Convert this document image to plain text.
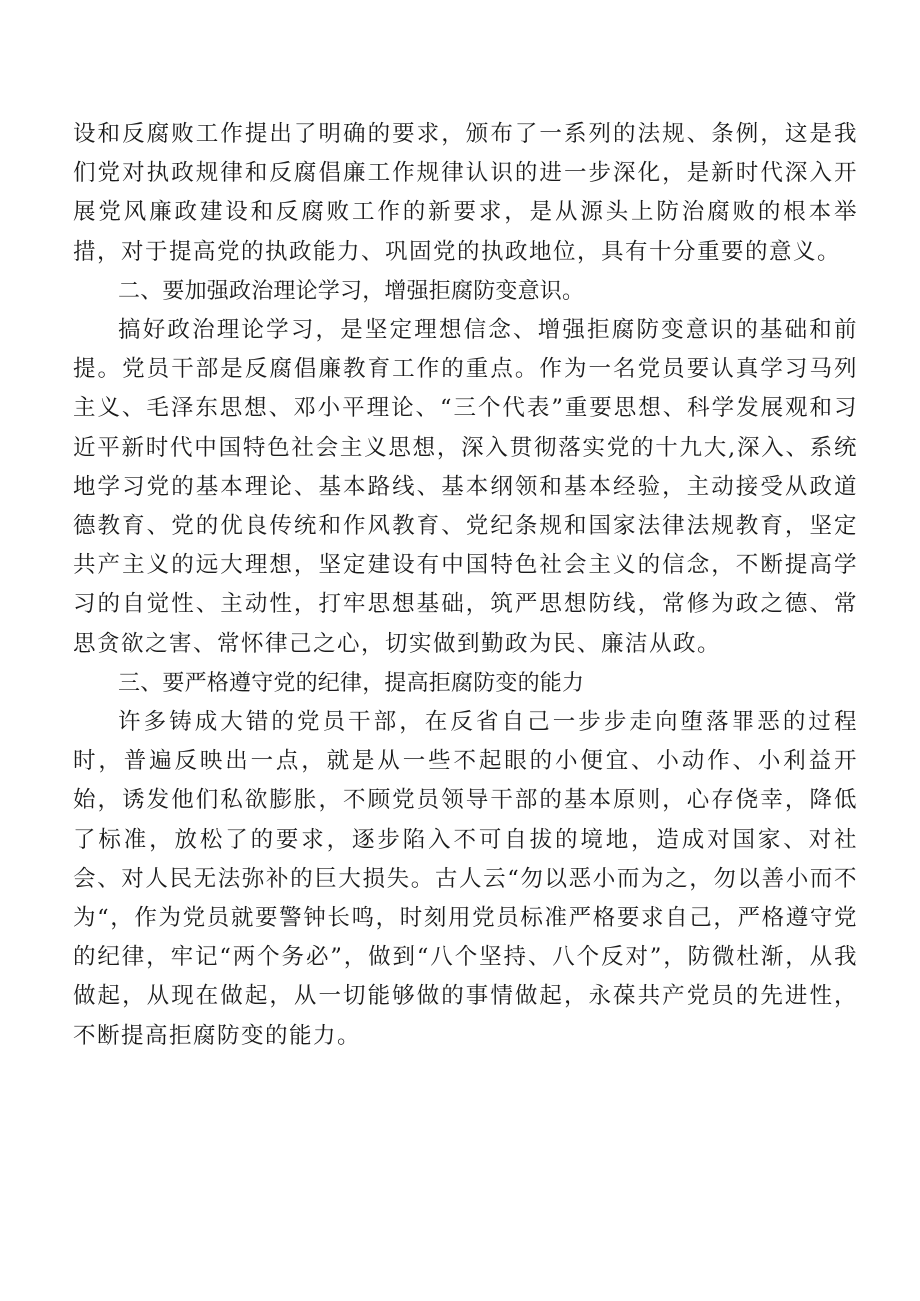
设和反腐败工作提出了明确的要求，颁布了一系列的法规、条例，这是我们党对执政规律和反腐倡廉工作规律认识的进一步深化，是新时代深入开展党风廉政建设和反腐败工作的新要求，是从源头上防治腐败的根本举措，对于提高党的执政能力、巩固党的执政地位，具有十分重要的意义。

二、要加强政治理论学习，增强拒腐防变意识。

搞好政治理论学习，是坚定理想信念、增强拒腐防变意识的基础和前提。党员干部是反腐倡廉教育工作的重点。作为一名党员要认真学习马列主义、毛泽东思想、邓小平理论、“三个代表”重要思想、科学发展观和习近平新时代中国特色社会主义思想，深入贯彻落实党的十九大,深入、系统地学习党的基本理论、基本路线、基本纲领和基本经验，主动接受从政道德教育、党的优良传统和作风教育、党纪条规和国家法律法规教育，坚定共产主义的远大理想，坚定建设有中国特色社会主义的信念，不断提高学习的自觉性、主动性，打牢思想基础，筑严思想防线，常修为政之德、常思贪欲之害、常怀律己之心，切实做到勤政为民、廉洁从政。

三、要严格遵守党的纪律，提高拒腐防变的能力

许多铸成大错的党员干部，在反省自己一步步走向堕落罪恶的过程时，普遍反映出一点，就是从一些不起眼的小便宜、小动作、小利益开始，诱发他们私欲膨胀，不顾党员领导干部的基本原则，心存侥幸，降低了标准，放松了的要求，逐步陷入不可自拔的境地，造成对国家、对社会、对人民无法弥补的巨大损失。古人云“勿以恶小而为之，勿以善小而不为“，作为党员就要警钟长鸣，时刻用党员标准严格要求自己，严格遵守党的纪律，牢记“两个务必”，做到“八个坚持、八个反对”，防微杜渐，从我做起，从现在做起，从一切能够做的事情做起，永葆共产党员的先进性，不断提高拒腐防变的能力。
